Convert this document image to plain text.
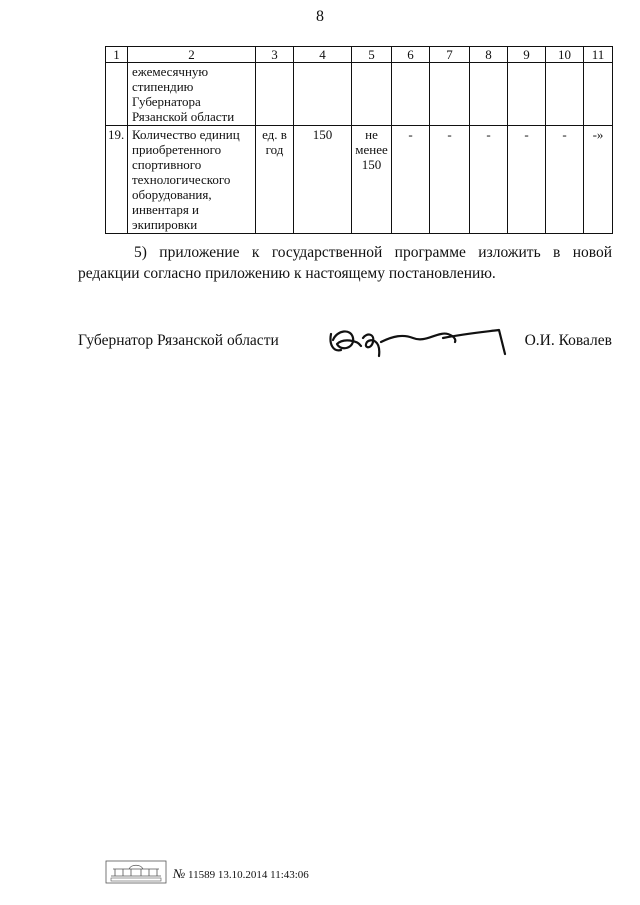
8
1	2	3	4	5	6	7	8	9	10	11
	ежемесячную стипендию Губернатора Рязанской области									
19.	Количество единиц приобретенного спортивного технологического оборудования, инвентаря и экипировки	ед. в год	150	не менее 150	-	-	-	-	-	-»
5) приложение к государственной программе изложить в новой редакции согласно приложению к настоящему постановлению.
Губернатор Рязанской области	О.И. Ковалев
№ 11589 13.10.2014 11:43:06
